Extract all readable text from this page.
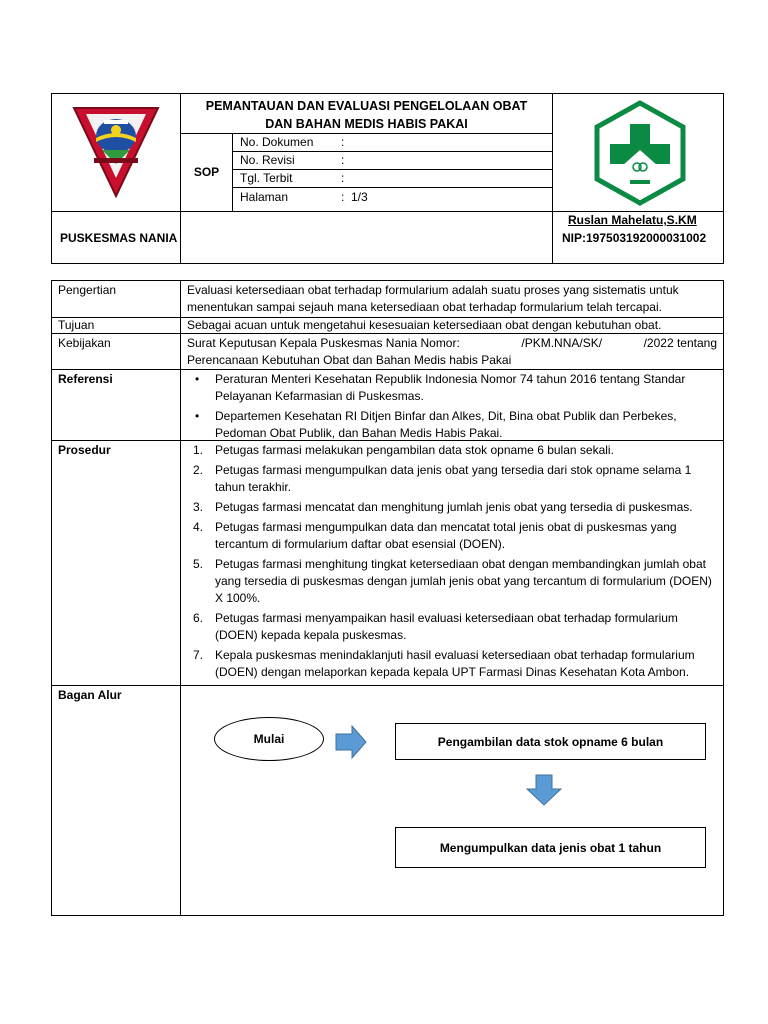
PEMANTAUAN DAN EVALUASI PENGELOLAAN OBAT
DAN BAHAN MEDIS HABIS PAKAI
SOP
No. Dokumen :
No. Revisi	:
Tgl. Terbit	:
Halaman	:  1/3
PUSKESMAS NANIA
Ruslan Mahelatu,S.KM
NIP:197503192000031002
Pengertian	Evaluasi ketersediaan obat terhadap formularium adalah suatu proses yang sistematis untuk menentukan sampai sejauh mana ketersediaan obat terhadap formularium telah tercapai.
Tujuan	Sebagai acuan untuk mengetahui kesesuaian ketersediaan obat dengan kebutuhan obat.
Kebijakan	Surat Keputusan Kepala Puskesmas Nania Nomor:	/PKM.NNA/SK/	/2022 tentang
Perencanaan Kebutuhan Obat dan Bahan Medis habis Pakai
Referensi
•	Peraturan Menteri Kesehatan Republik Indonesia Nomor 74 tahun 2016 tentang Standar Pelayanan Kefarmasian di Puskesmas.
• Departemen Kesehatan RI Ditjen Binfar dan Alkes, Dit, Bina obat Publik dan Perbekes, Pedoman Obat Publik, dan Bahan Medis Habis Pakai.
Prosedur	1. Petugas farmasi melakukan pengambilan data stok opname 6 bulan sekali.
2. Petugas farmasi mengumpulkan data jenis obat yang tersedia dari stok opname selama 1 tahun terakhir.
3. Petugas farmasi mencatat dan menghitung jumlah jenis obat yang tersedia di puskesmas.
4. Petugas farmasi mengumpulkan data dan mencatat total jenis obat di puskesmas yang tercantum di formularium daftar obat esensial (DOEN).
5. Petugas farmasi menghitung tingkat ketersediaan obat dengan membandingkan jumlah obat yang tersedia di puskesmas dengan jumlah jenis obat yang tercantum di formularium (DOEN) X 100%.
6. Petugas farmasi menyampaikan hasil evaluasi ketersediaan obat terhadap formularium (DOEN) kepada kepala puskesmas.
7. Kepala puskesmas menindaklanjuti hasil evaluasi ketersediaan obat terhadap formularium (DOEN) dengan melaporkan kepada kepala UPT Farmasi Dinas Kesehatan Kota Ambon.
Bagan Alur
Mulai	Pengambilan data stok opname 6 bulan
Mengumpulkan data jenis obat 1 tahun
